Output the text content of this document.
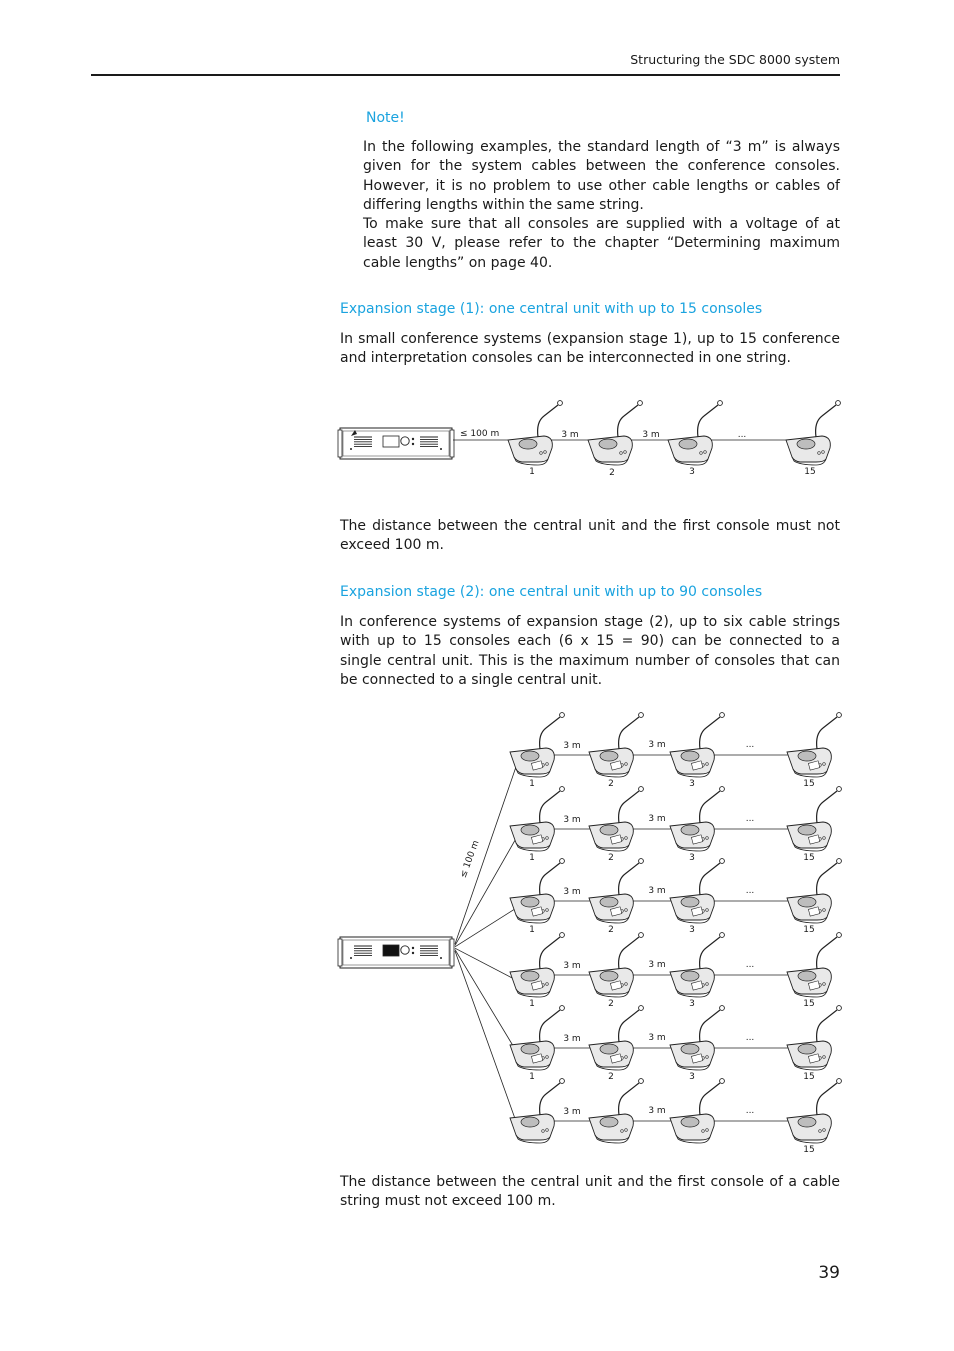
Structuring the SDC 8000 system
Note!
In the following examples, the standard length of “3 m” is always given for the system cables between the conference consoles. However, it is no problem to use other cable lengths or cables of differing lengths within the same string.
To make sure that all consoles are supplied with a voltage of at least 30 V, please refer to the chapter “Determining maximum cable lengths” on page 40.
Expansion stage (1): one central unit with up to 15 consoles
In small conference systems (expansion stage 1), up to 15 conference and interpretation consoles can be interconnected in one string.
The distance between the central unit and the first console must not exceed 100 m.
Expansion stage (2): one central unit with up to 90 consoles
In conference systems of expansion stage (2), up to six cable strings with up to 15 consoles each (6 x 15 = 90) can be connected to a single central unit. This is the maximum number of consoles that can be connected to a single central unit.
The distance between the central unit and the first console of a cable string must not exceed 100 m.
39
≤ 100 m
1	2	3	15
3 m	3 m	...
1	2	3	15
3 m	3 m	...
1	2	3	15
3 m	3 m	...
1	2	3	15
3 m	3 m	...
1	2	3	15
3 m	3 m	...
1	2	3	15
3 m	3 m	...
15
3 m	3 m	...
≤ 100 m
